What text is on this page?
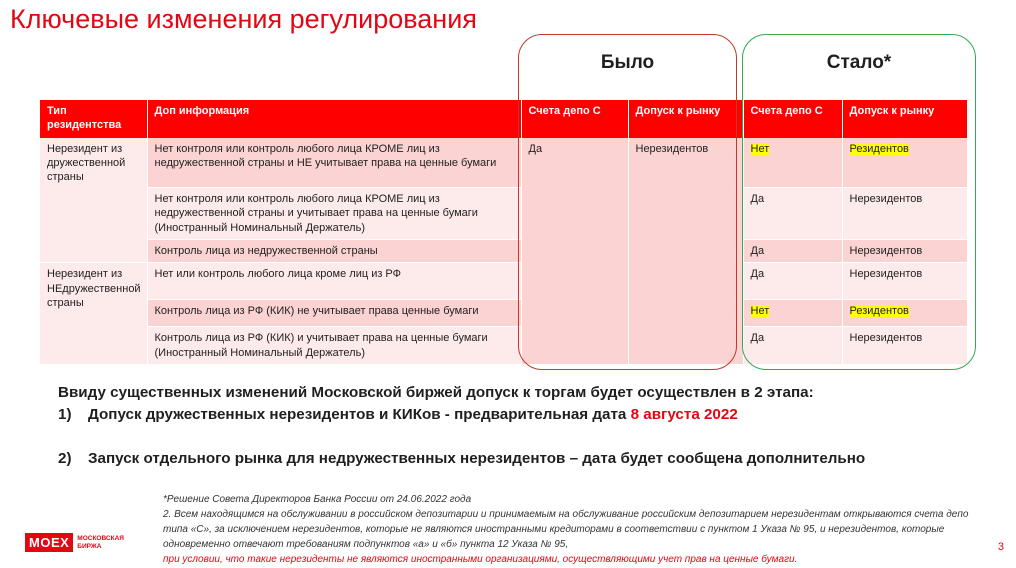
Ключевые изменения регулирования
Было	Стало*
Тип резидентства	Доп информация	Счета депо С	Допуск к рынку	Счета депо С	Допуск к рынку
Нерезидент из дружественной страны	Нет контроля или контроль любого лица КРОМЕ лиц из недружественной страны и НЕ учитывает права на ценные бумаги	Да	Нерезидентов	Нет	Резидентов
	Нет контроля или контроль любого лица КРОМЕ лиц из недружественной страны и учитывает права на ценные бумаги (Иностранный Номинальный Держатель)			Да	Нерезидентов
	Контроль лица из недружественной страны			Да	Нерезидентов
Нерезидент из НЕдружественной страны	Нет или контроль любого лица кроме лиц из РФ			Да	Нерезидентов
	Контроль лица из РФ (КИК) не учитывает права ценные бумаги			Нет	Резидентов
	Контроль лица из РФ (КИК) и учитывает права на ценные бумаги (Иностранный Номинальный Держатель)			Да	Нерезидентов
Ввиду существенных изменений Московской биржей допуск к торгам будет осуществлен в 2 этапа:
1) Допуск дружественных нерезидентов и КИКов - предварительная дата 8 августа 2022
2) Запуск отдельного рынка для недружественных нерезидентов – дата будет сообщена дополнительно
*Решение Совета Директоров Банка России от 24.06.2022 года
2. Всем находящимся на обслуживании в российском депозитарии и принимаемым на обслуживание российским депозитарием нерезидентам открываются счета депо типа «С», за исключением нерезидентов, которые не являются иностранными кредиторами в соответствии с пунктом 1 Указа № 95, и нерезидентов, которые одновременно отвечают требованиям подпунктов «а» и «б» пункта 12 Указа № 95,
при условии, что такие нерезиденты не являются иностранными организациями, осуществляющими учет прав на ценные бумаги.
MOEX	МОСКОВСКАЯ
БИРЖА	3
